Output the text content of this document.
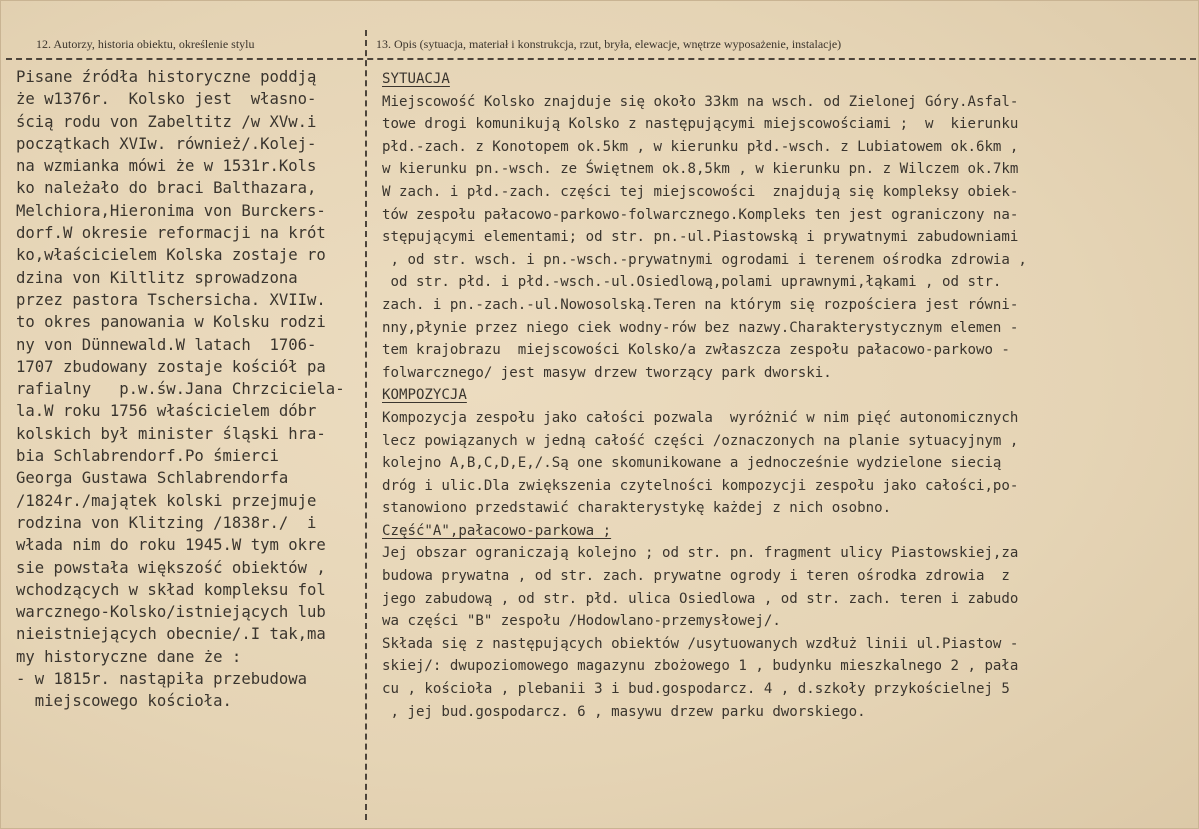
12. Autorzy, historia obiektu, określenie stylu	13. Opis (sytuacja, materiał i konstrukcja, rzut, bryła, elewacje, wnętrze wyposażenie, instalacje)
Pisane źródła historyczne poddją
że w1376r.  Kolsko jest  własno-
ścią rodu von Zabeltitz /w XVw.i
początkach XVIw. również/.Kolej-
na wzmianka mówi że w 1531r.Kols
ko należało do braci Balthazara,
Melchiora,Hieronima von Burckers-
dorf.W okresie reformacji na krót
ko,właścicielem Kolska zostaje ro
dzina von Kiltlitz sprowadzona
przez pastora Tschersicha. XVIIw.
to okres panowania w Kolsku rodzi
ny von Dünnewald.W latach  1706-
1707 zbudowany zostaje kościół pa
rafialny   p.w.św.Jana Chrzciciela-
la.W roku 1756 właścicielem dóbr
kolskich był minister śląski hra-
bia Schlabrendorf.Po śmierci
Georga Gustawa Schlabrendorfa
/1824r./majątek kolski przejmuje
rodzina von Klitzing /1838r./  i
włada nim do roku 1945.W tym okre
sie powstała większość obiektów ,
wchodzących w skład kompleksu fol
warcznego-Kolsko/istniejących lub
nieistniejących obecnie/.I tak,ma
my historyczne dane że :
- w 1815r. nastąpiła przebudowa
miejscowego kościoła.
SYTUACJA
Miejscowość Kolsko znajduje się około 33km na wsch. od Zielonej Góry.Asfal-
towe drogi komunikują Kolsko z następującymi miejscowościami ;  w  kierunku
płd.-zach. z Konotopem ok.5km , w kierunku płd.-wsch. z Lubiatowem ok.6km ,
w kierunku pn.-wsch. ze Świętnem ok.8,5km , w kierunku pn. z Wilczem ok.7km
W zach. i płd.-zach. części tej miejscowości  znajdują się kompleksy obiek-
tów zespołu pałacowo-parkowo-folwarcznego.Kompleks ten jest ograniczony na-
stępującymi elementami; od str. pn.-ul.Piastowską i prywatnymi zabudowniami
, od str. wsch. i pn.-wsch.-prywatnymi ogrodami i terenem ośrodka zdrowia ,
od str. płd. i płd.-wsch.-ul.Osiedlową,polami uprawnymi,łąkami , od str.
zach. i pn.-zach.-ul.Nowosolską.Teren na którym się rozpościera jest równi-
nny,płynie przez niego ciek wodny-rów bez nazwy.Charakterystycznym elemen -
tem krajobrazu  miejscowości Kolsko/a zwłaszcza zespołu pałacowo-parkowo -
folwarcznego/ jest masyw drzew tworzący park dworski.
KOMPOZYCJA
Kompozycja zespołu jako całości pozwala  wyróżnić w nim pięć autonomicznych
lecz powiązanych w jedną całość części /oznaczonych na planie sytuacyjnym ,
kolejno A,B,C,D,E,/.Są one skomunikowane a jednocześnie wydzielone siecią
dróg i ulic.Dla zwiększenia czytelności kompozycji zespołu jako całości,po-
stanowiono przedstawić charakterystykę każdej z nich osobno.
Część"A",pałacowo-parkowa ;
Jej obszar ograniczają kolejno ; od str. pn. fragment ulicy Piastowskiej,za
budowa prywatna , od str. zach. prywatne ogrody i teren ośrodka zdrowia  z
jego zabudową , od str. płd. ulica Osiedlowa , od str. zach. teren i zabudo
wa części "B" zespołu /Hodowlano-przemysłowej/.
Składa się z następujących obiektów /usytuowanych wzdłuż linii ul.Piastow -
skiej/: dwupoziomowego magazynu zbożowego 1 , budynku mieszkalnego 2 , pała
cu , kościoła , plebanii 3 i bud.gospodarcz. 4 , d.szkoły przykościelnej 5
, jej bud.gospodarcz. 6 , masywu drzew parku dworskiego.
